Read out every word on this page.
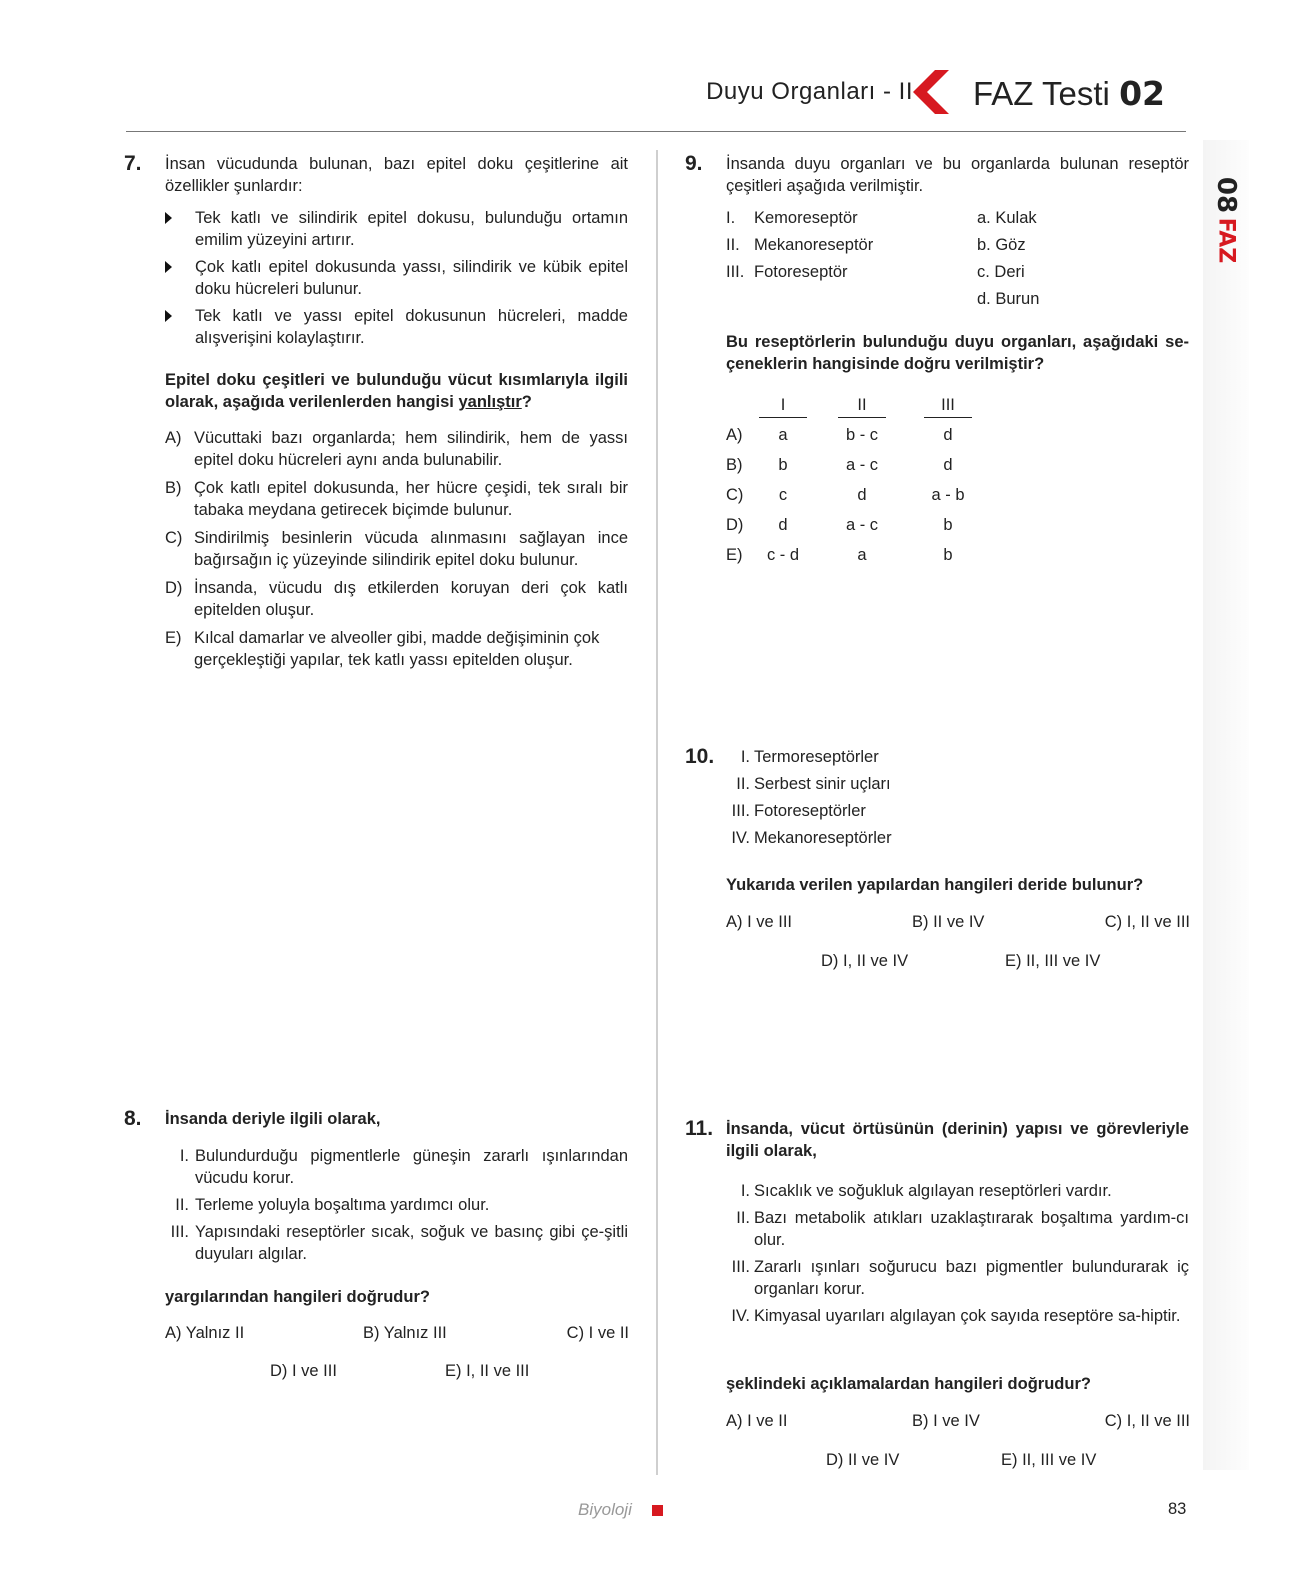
Duyu Organları - II FAZ Testi 02
08
FAZ
7. İnsan vücudunda bulunan, bazı epitel doku çeşitlerine ait özellikler şunlardır:
Tek katlı ve silindirik epitel dokusu, bulunduğu ortamın emilim yüzeyini artırır.
Çok katlı epitel dokusunda yassı, silindirik ve kübik epitel doku hücreleri bulunur.
Tek katlı ve yassı epitel dokusunun hücreleri, madde alışverişini kolaylaştırır.
Epitel doku çeşitleri ve bulunduğu vücut kısımlarıyla ilgili olarak, aşağıda verilenlerden hangisi yanlıştır?
A) Vücuttaki bazı organlarda; hem silindirik, hem de yassı epitel doku hücreleri aynı anda bulunabilir.
B) Çok katlı epitel dokusunda, her hücre çeşidi, tek sıralı bir tabaka meydana getirecek biçimde bulunur.
C) Sindirilmiş besinlerin vücuda alınmasını sağlayan ince bağırsağın iç yüzeyinde silindirik epitel doku bulunur.
D) İnsanda, vücudu dış etkilerden koruyan deri çok katlı epitelden oluşur.
E) Kılcal damarlar ve alveoller gibi, madde değişiminin çok gerçekleştiği yapılar, tek katlı yassı epitelden oluşur.
8. İnsanda deriyle ilgili olarak,
I. Bulundurduğu pigmentlerle güneşin zararlı ışınlarından vücudu korur.
II. Terleme yoluyla boşaltıma yardımcı olur.
III. Yapısındaki reseptörler sıcak, soğuk ve basınç gibi çe-şitli duyuları algılar.
yargılarından hangileri doğrudur?
A) Yalnız II	B) Yalnız III	C) I ve II
D) I ve III	E) I, II ve III
9. İnsanda duyu organları ve bu organlarda bulunan reseptör çeşitleri aşağıda verilmiştir.
I. Kemoreseptör
II. Mekanoreseptör
III. Fotoreseptör
a. Kulak
b. Göz
c. Deri
d. Burun
Bu reseptörlerin bulunduğu duyu organları, aşağıdaki se-çeneklerin hangisinde doğru verilmiştir?
I	II	III
A)	a	b - c	d
B)	b	a - c	d
C)	c	d	a - b
D)	d	a - c	b
E)	c - d	a	b
10.	I. Termoreseptörler
II. Serbest sinir uçları
III. Fotoreseptörler
IV. Mekanoreseptörler
Yukarıda verilen yapılardan hangileri deride bulunur?
A) I ve III	B) II ve IV	C) I, II ve III
D) I, II ve IV	E) II, III ve IV
11. İnsanda, vücut örtüsünün (derinin) yapısı ve görevleriyle ilgili olarak,
I. Sıcaklık ve soğukluk algılayan reseptörleri vardır.
II. Bazı metabolik atıkları uzaklaştırarak boşaltıma yardım-cı olur.
III. Zararlı ışınları soğurucu bazı pigmentler bulundurarak iç organları korur.
IV. Kimyasal uyarıları algılayan çok sayıda reseptöre sa-hiptir.
şeklindeki açıklamalardan hangileri doğrudur?
A) I ve II	B) I ve IV	C) I, II ve III
D) II ve IV	E) II, III ve IV
Biyoloji	83
